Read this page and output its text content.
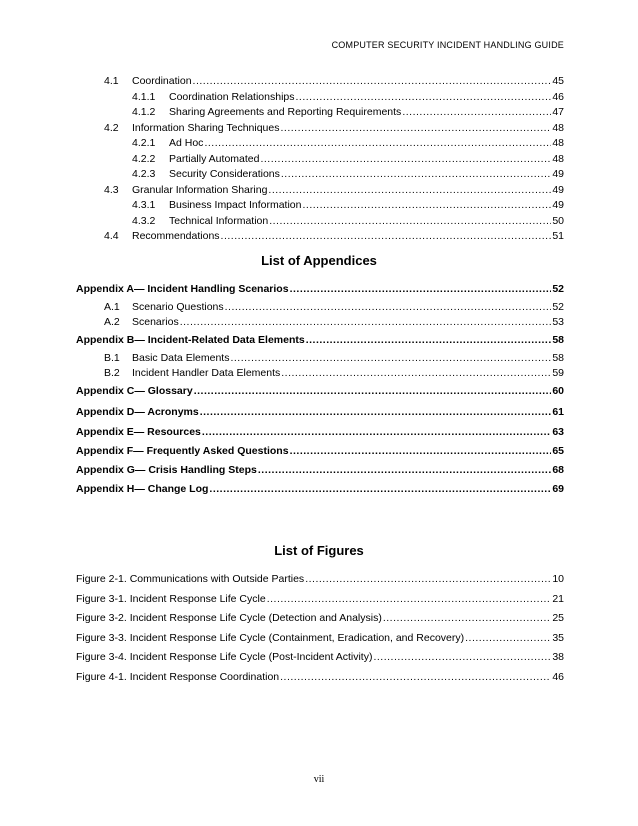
COMPUTER SECURITY INCIDENT HANDLING GUIDE
4.1 Coordination .....	45
4.1.1 Coordination Relationships .....	46
4.1.2 Sharing Agreements and Reporting Requirements .....	47
4.2 Information Sharing Techniques .....	48
4.2.1 Ad Hoc .....	48
4.2.2 Partially Automated .....	48
4.2.3 Security Considerations .....	49
4.3 Granular Information Sharing .....	49
4.3.1 Business Impact Information .....	49
4.3.2 Technical Information .....	50
4.4 Recommendations .....	51
List of Appendices
Appendix A— Incident Handling Scenarios .....	52
A.1 Scenario Questions .....	52
A.2 Scenarios .....	53
Appendix B— Incident-Related Data Elements .....	58
B.1 Basic Data Elements .....	58
B.2 Incident Handler Data Elements .....	59
Appendix C— Glossary .....	60
Appendix D— Acronyms .....	61
Appendix E— Resources .....	63
Appendix F— Frequently Asked Questions .....	65
Appendix G— Crisis Handling Steps .....	68
Appendix H— Change Log .....	69
List of Figures
Figure 2-1. Communications with Outside Parties .....	10
Figure 3-1. Incident Response Life Cycle .....	21
Figure 3-2. Incident Response Life Cycle (Detection and Analysis) .....	25
Figure 3-3. Incident Response Life Cycle (Containment, Eradication, and Recovery) .....	35
Figure 3-4. Incident Response Life Cycle (Post-Incident Activity) .....	38
Figure 4-1. Incident Response Coordination .....	46
vii
